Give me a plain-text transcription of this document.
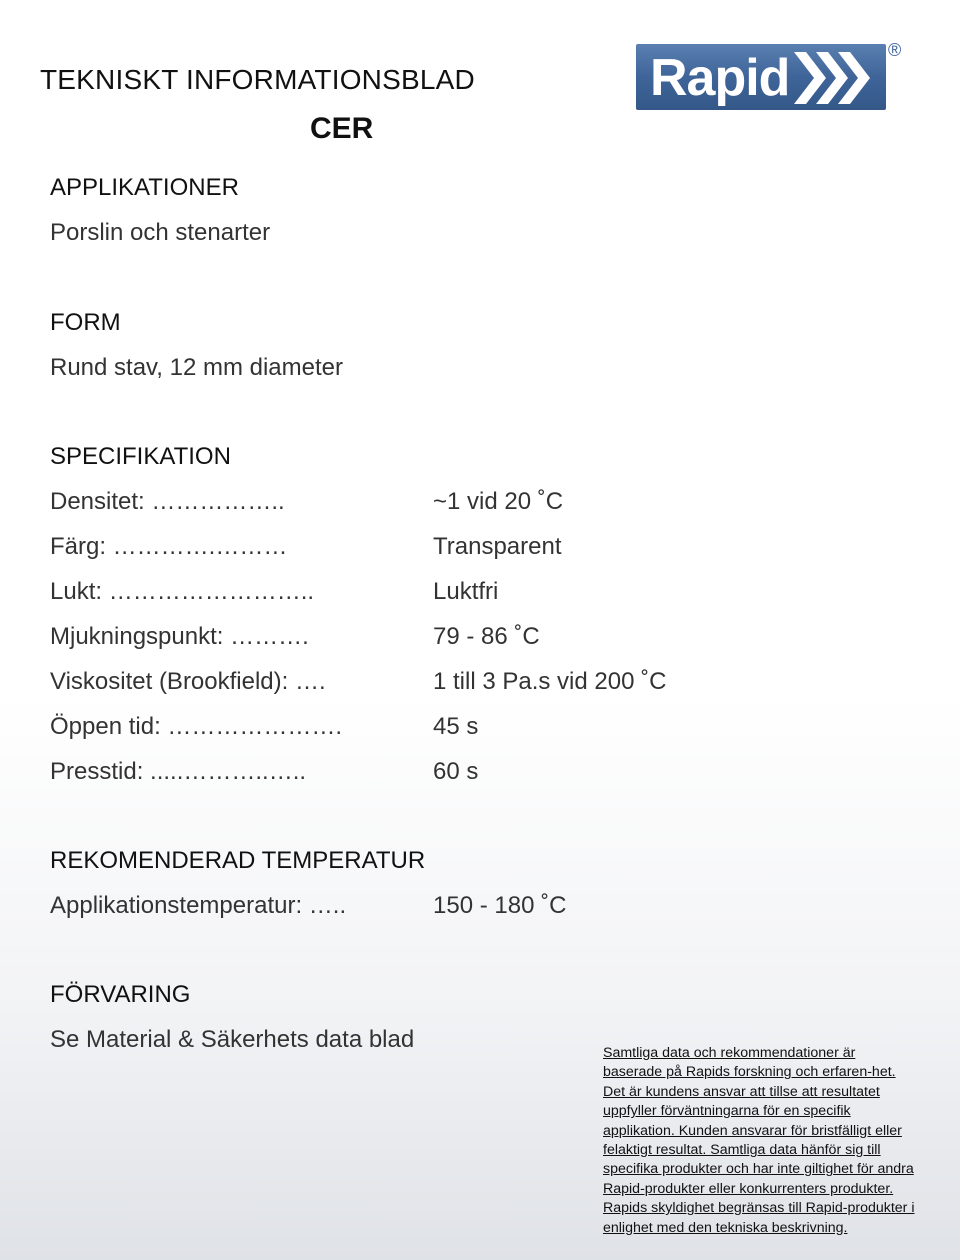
TEKNISKT INFORMATIONSBLAD
CER
Rapid	®
APPLIKATIONER
Porslin och stenarter
FORM
Rund stav, 12 mm diameter
SPECIFIKATION
Densitet: ……………..	~1 vid 20 ˚C
Färg: ………….………	Transparent
Lukt: ……………………..	Luktfri
Mjukningspunkt: ……….	79 - 86 ˚C
Viskositet (Brookfield): ….	1 till 3 Pa.s vid 200 ˚C
Öppen tid: ………………….	45 s
Presstid: .....………..…..	60 s
REKOMENDERAD TEMPERATUR
Applikationstemperatur: …..	150 - 180 ˚C
FÖRVARING
Se Material & Säkerhets data blad	Samtliga data och rekommendationer är baserade på Rapids forskning och erfaren-het. Det är kundens ansvar att tillse att resultatet uppfyller förväntningarna för en specifik applikation. Kunden ansvarar för bristfälligt eller felaktigt resultat. Samtliga data hänför sig till specifika produkter och har inte giltighet för andra Rapid-produkter eller konkurrenters produkter. Rapids skyldighet begränsas till Rapid-produkter i enlighet med den tekniska beskrivning.
